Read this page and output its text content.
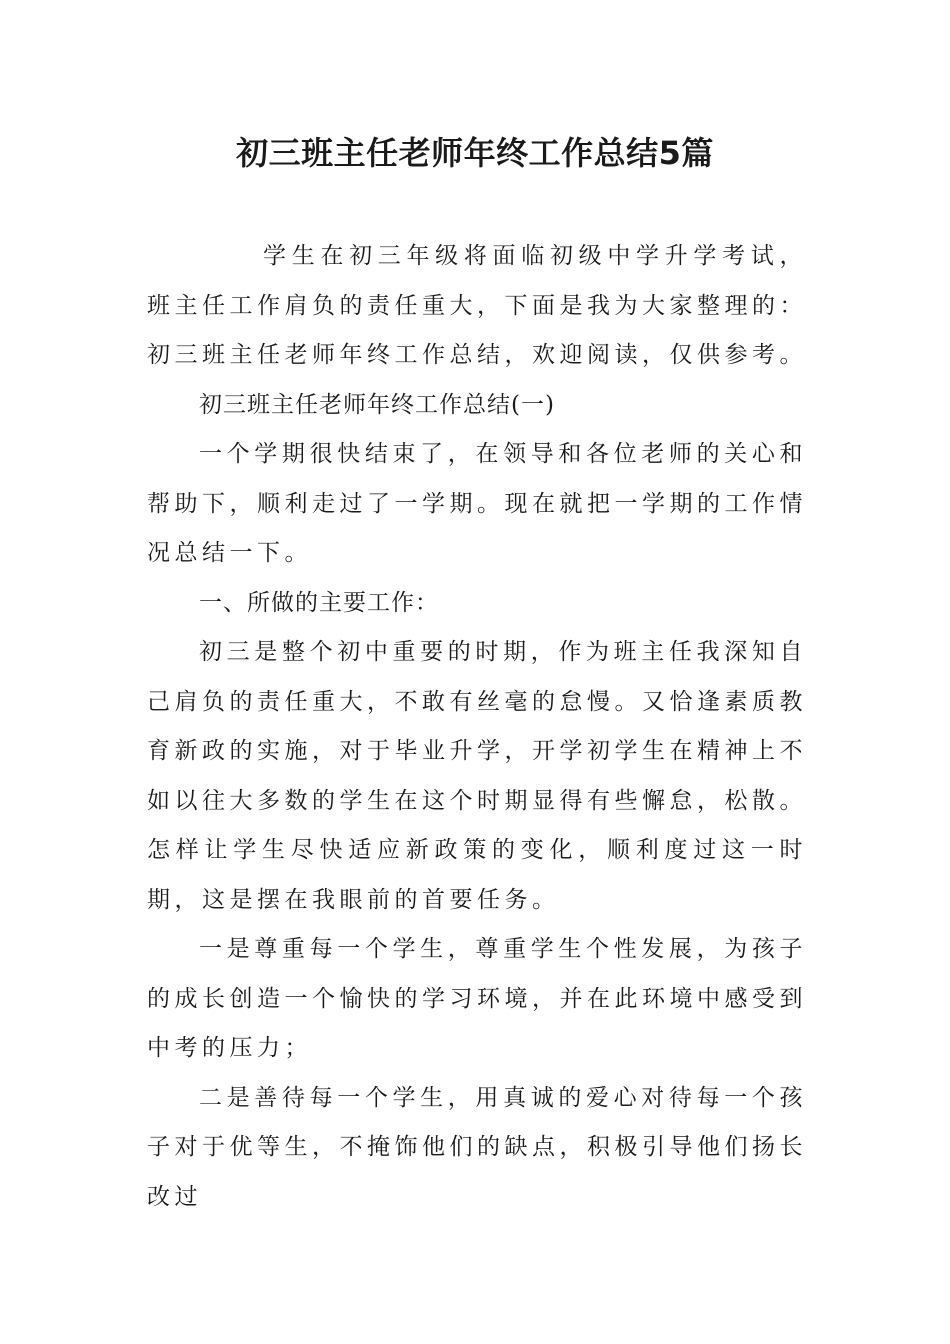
初三班主任老师年终工作总结5篇

学生在初三年级将面临初级中学升学考试，班主任工作肩负的责任重大，下面是我为大家整理的：初三班主任老师年终工作总结，欢迎阅读，仅供参考。

初三班主任老师年终工作总结(一)

一个学期很快结束了，在领导和各位老师的关心和帮助下，顺利走过了一学期。现在就把一学期的工作情况总结一下。

一、所做的主要工作：

初三是整个初中重要的时期，作为班主任我深知自己肩负的责任重大，不敢有丝毫的怠慢。又恰逢素质教育新政的实施，对于毕业升学，开学初学生在精神上不如以往大多数的学生在这个时期显得有些懈怠，松散。怎样让学生尽快适应新政策的变化，顺利度过这一时期，这是摆在我眼前的首要任务。

一是尊重每一个学生，尊重学生个性发展，为孩子的成长创造一个愉快的学习环境，并在此环境中感受到中考的压力；

二是善待每一个学生，用真诚的爱心对待每一个孩子对于优等生，不掩饰他们的缺点，积极引导他们扬长改过
